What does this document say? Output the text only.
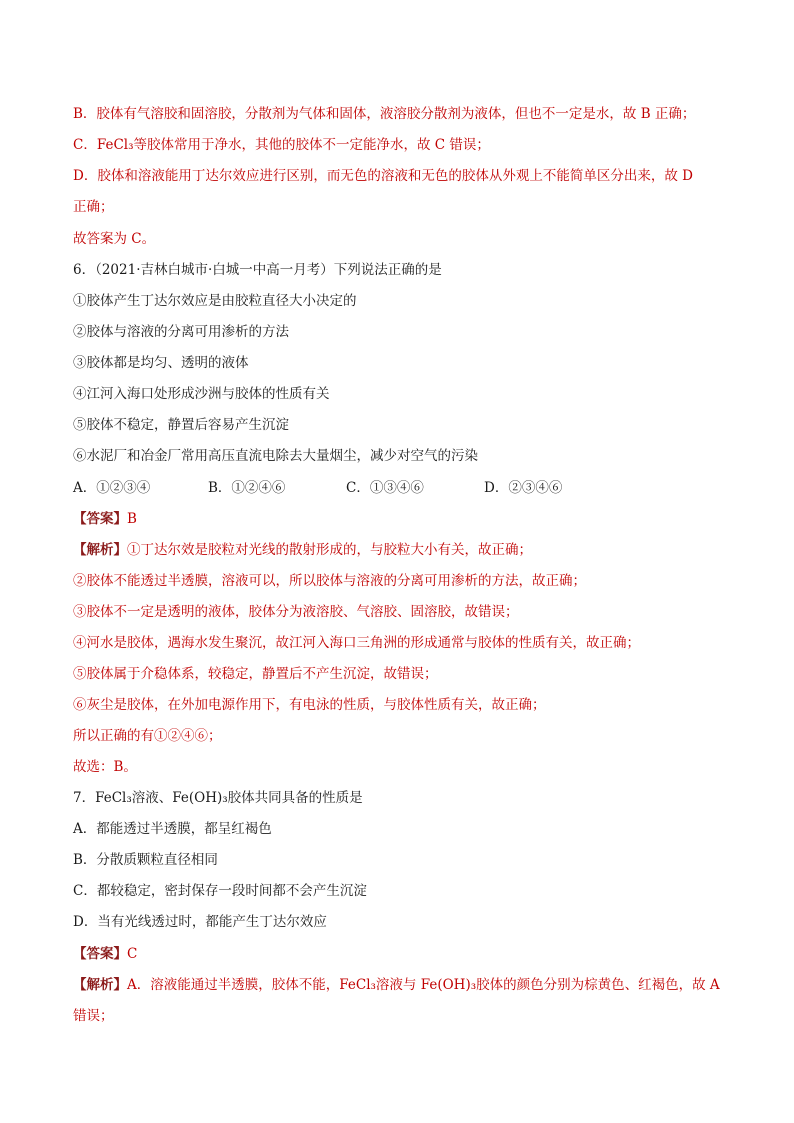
B．胶体有气溶胶和固溶胶，分散剂为气体和固体，液溶胶分散剂为液体，但也不一定是水，故 B 正确；
C．FeCl₃等胶体常用于净水，其他的胶体不一定能净水，故 C 错误；
D．胶体和溶液能用丁达尔效应进行区别，而无色的溶液和无色的胶体从外观上不能简单区分出来，故 D
正确；
故答案为 C。
6．（2021·吉林白城市·白城一中高一月考）下列说法正确的是
①胶体产生丁达尔效应是由胶粒直径大小决定的
②胶体与溶液的分离可用渗析的方法
③胶体都是均匀、透明的液体
④江河入海口处形成沙洲与胶体的性质有关
⑤胶体不稳定，静置后容易产生沉淀
⑥水泥厂和冶金厂常用高压直流电除去大量烟尘，减少对空气的污染
A．①②③④	B．①②④⑥	C．①③④⑥	D．②③④⑥
【答案】B
【解析】①丁达尔效是胶粒对光线的散射形成的，与胶粒大小有关，故正确；
②胶体不能透过半透膜，溶液可以，所以胶体与溶液的分离可用渗析的方法，故正确；
③胶体不一定是透明的液体，胶体分为液溶胶、气溶胶、固溶胶，故错误；
④河水是胶体，遇海水发生聚沉，故江河入海口三角洲的形成通常与胶体的性质有关，故正确；
⑤胶体属于介稳体系，较稳定，静置后不产生沉淀，故错误；
⑥灰尘是胶体，在外加电源作用下，有电泳的性质，与胶体性质有关，故正确；
所以正确的有①②④⑥；
故选：B。
7．FeCl₃溶液、Fe(OH)₃胶体共同具备的性质是
A．都能透过半透膜，都呈红褐色
B．分散质颗粒直径相同
C．都较稳定，密封保存一段时间都不会产生沉淀
D．当有光线透过时，都能产生丁达尔效应
【答案】C
【解析】A．溶液能通过半透膜，胶体不能，FeCl₃溶液与 Fe(OH)₃胶体的颜色分别为棕黄色、红褐色，故 A
错误；
